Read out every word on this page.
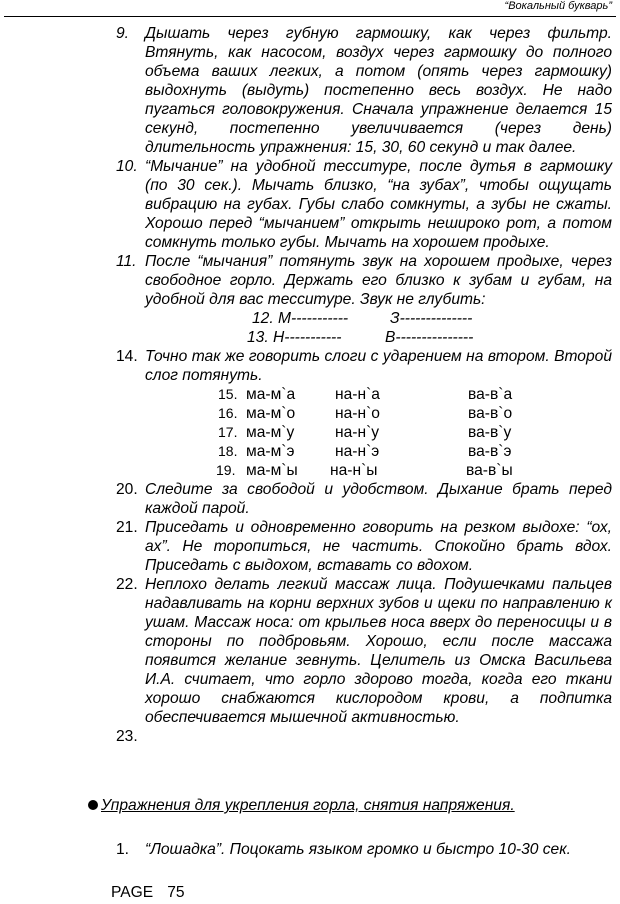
“Вокальный букварь”
9.	Дышать через губную гармошку, как через фильтр. Втянуть, как насосом, воздух через гармошку до полного объема ваших легких, а потом (опять через гармошку) выдохнуть (выдуть) постепенно весь воздух. Не надо пугаться головокружения. Сначала упражнение делается 15 секунд, постепенно увеличивается (через день) длительность упражнения: 15, 30, 60 секунд и так далее.
10. “Мычание” на удобной тесситуре, после дутья в гармошку (по 30 сек.). Мычать близко, “на зубах”, чтобы ощущать вибрацию на губах. Губы слабо сомкнуты, а зубы не сжаты. Хорошо перед “мычанием” открыть нешироко рот, а потом сомкнуть только губы. Мычать на хорошем продыхе.
11. После “мычания” потянуть звук на хорошем продыхе, через свободное горло. Держать его близко к зубам и губам, на удобной для вас тесситуре. Звук не глубить:
12. М-----------	З--------------
13. Н-----------	В---------------
14. Точно так же говорить слоги с ударением на втором. Второй слог потянуть.
15. ма-м`а	на-н`а	ва-в`а
16. ма-м`о	на-н`о	ва-в`о
17. ма-м`у	на-н`у	ва-в`у
18. ма-м`э	на-н`э	ва-в`э
19. ма-м`ы на-н`ы	ва-в`ы
20. Следите за свободой и удобством. Дыхание брать перед каждой парой.
21. Приседать и одновременно говорить на резком выдохе: “ох, ах”. Не торопиться, не частить. Спокойно брать вдох. Приседать с выдохом, вставать со вдохом.
22. Неплохо делать легкий массаж лица. Подушечками пальцев надавливать на корни верхних зубов и щеки по направлению к ушам. Массаж носа: от крыльев носа вверх до переносицы и в стороны по подбровьям. Хорошо, если после массажа появится желание зевнуть. Целитель из Омска Васильева И.А. считает, что горло здорово тогда, когда его ткани хорошо снабжаются кислородом крови, а подпитка обеспечивается мышечной активностью.
23.
Упражнения для укрепления горла, снятия напряжения.
1.	“Лошадка”. Поцокать языком громко и быстро 10-30 сек.
PAGE 75
